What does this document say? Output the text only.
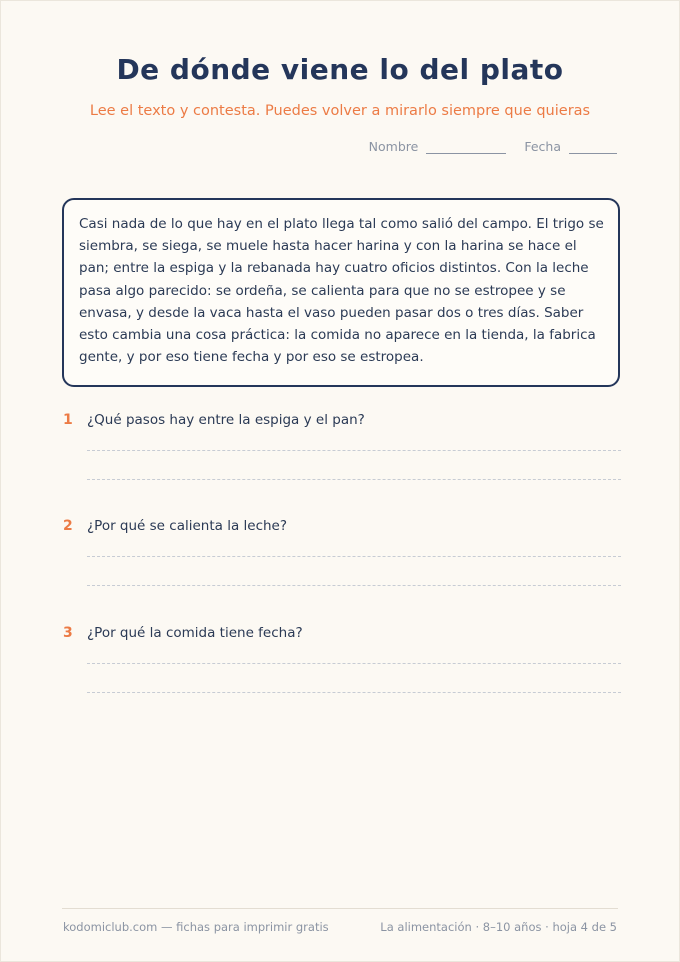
De dónde viene lo del plato
Lee el texto y contesta. Puedes volver a mirarlo siempre que quieras
Nombre	Fecha

Casi nada de lo que hay en el plato llega tal como salió del campo. El trigo se siembra, se siega, se muele hasta hacer harina y con la harina se hace el pan; entre la espiga y la rebanada hay cuatro oficios distintos. Con la leche pasa algo parecido: se ordeña, se calienta para que no se estropee y se envasa, y desde la vaca hasta el vaso pueden pasar dos o tres días. Saber esto cambia una cosa práctica: la comida no aparece en la tienda, la fabrica gente, y por eso tiene fecha y por eso se estropea.

1	¿Qué pasos hay entre la espiga y el pan?
2	¿Por qué se calienta la leche?
3	¿Por qué la comida tiene fecha?
kodomiclub.com — fichas para imprimir gratis	La alimentación · 8–10 años · hoja 4 de 5
